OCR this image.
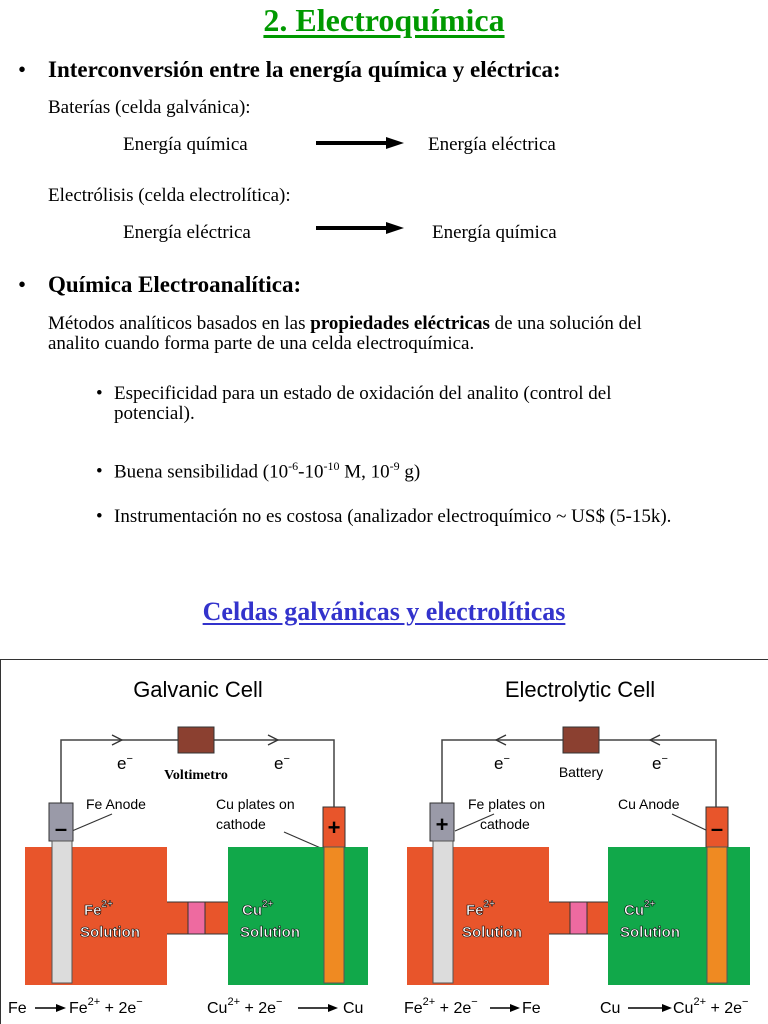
2. Electroquímica
• Interconversión entre la energía química y eléctrica:
Baterías (celda galvánica):
Energía química	Energía eléctrica
Electrólisis (celda electrolítica):
Energía eléctrica	Energía química
• Química Electroanalítica:
Métodos analíticos basados en las propiedades eléctricas de una solución del
analito cuando forma parte de una celda electroquímica.
• Especificidad para un estado de oxidación del analito (control del
potencial).
• Buena sensibilidad ($10^{-6}-10^{-10}$ M, $10^{-9}$ g)
• Instrumentación no es costosa (analizador electroquímico ~ US$ (5-15k).
Celdas galvánicas y electrolíticas
Galvanic Cell
e−	e−
Voltimetro
Fe Anode	Cu plates on
cathode
–	+
$Fe^{2+}$
Solution
$Cu^{2+}$
Solution
Fe	$Fe^{2+} + 2e^-$	$Cu^{2+} + 2e^-$	Cu
Electrolytic Cell
e−	e−
Battery
Fe plates on
cathode
Cu Anode
+	–
$Fe^{2+}$
Solution
$Cu^{2+}$
Solution
$Fe^{2+} + 2e^-$	Fe	Cu	$Cu^{2+} + 2e^-$
